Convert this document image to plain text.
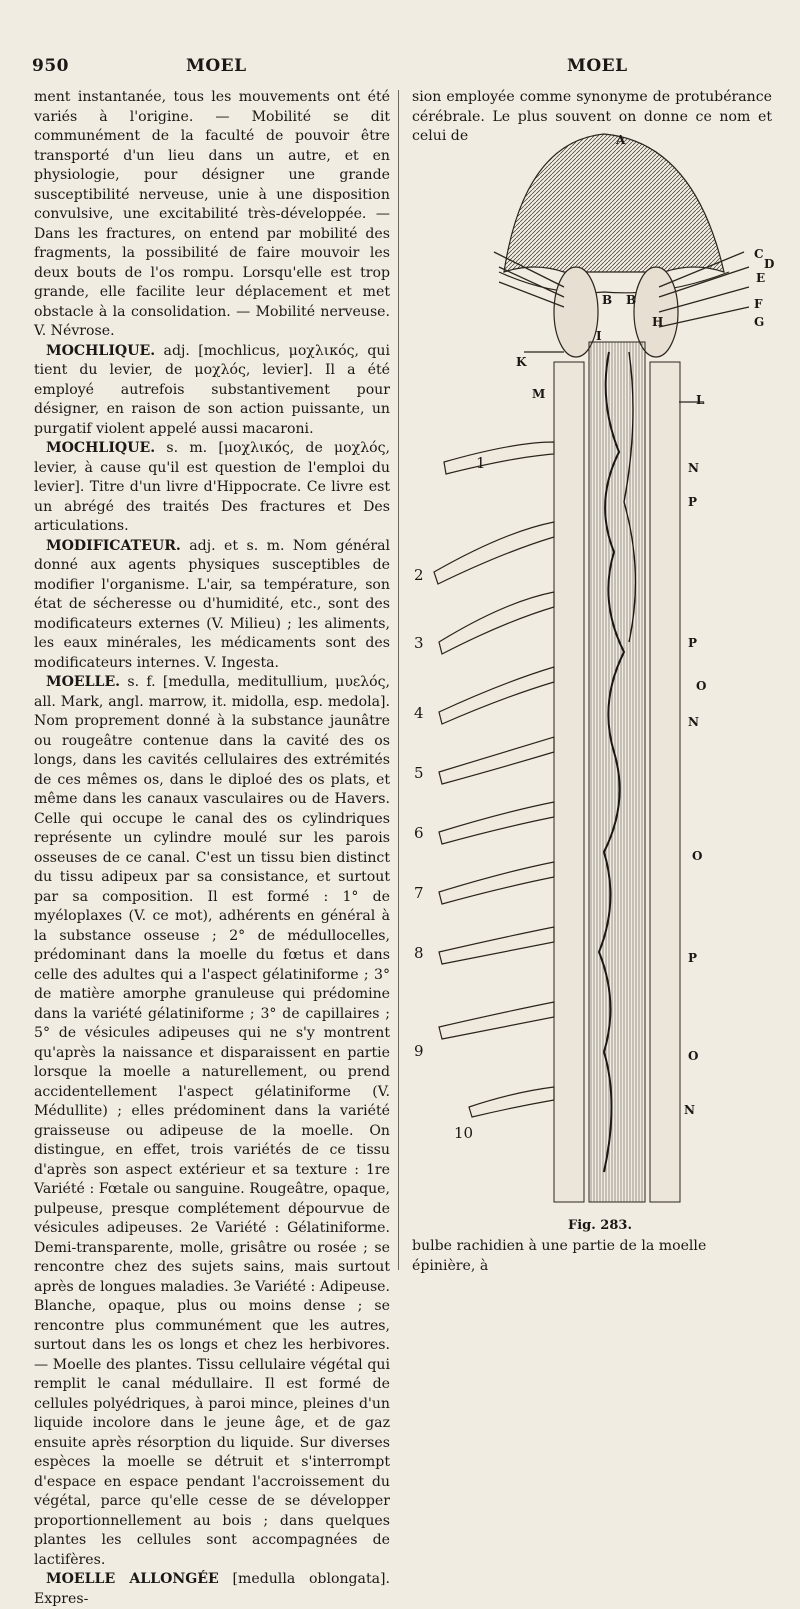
950	MOEL	MOEL

ment instantanée, tous les mouvements ont été variés à l'origine. — Mobilité se dit communément de la faculté de pouvoir être transporté d'un lieu dans un autre, et en physiologie, pour désigner une grande susceptibilité nerveuse, unie à une disposition convulsive, une excitabilité très-développée. — Dans les fractures, on entend par mobilité des fragments, la possibilité de faire mouvoir les deux bouts de l'os rompu. Lorsqu'elle est trop grande, elle facilite leur déplacement et met obstacle à la consolidation. — Mobilité nerveuse. V. Névrose.

MOCHLIQUE. adj. [mochlicus, μοχλικός, qui tient du levier, de μοχλός, levier]. Il a été employé autrefois substantivement pour désigner, en raison de son action puissante, un purgatif violent appelé aussi macaroni.

MOCHLIQUE. s. m. [μοχλικός, de μοχλός, levier, à cause qu'il est question de l'emploi du levier]. Titre d'un livre d'Hippocrate. Ce livre est un abrégé des traités Des fractures et Des articulations.

MODIFICATEUR. adj. et s. m. Nom général donné aux agents physiques susceptibles de modifier l'organisme. L'air, sa température, son état de sécheresse ou d'humidité, etc., sont des modificateurs externes (V. Milieu) ; les aliments, les eaux minérales, les médicaments sont des modificateurs internes. V. Ingesta.

MOELLE. s. f. [medulla, meditullium, μυελός, all. Mark, angl. marrow, it. midolla, esp. medola]. Nom proprement donné à la substance jaunâtre ou rougeâtre contenue dans la cavité des os longs, dans les cavités cellulaires des extrémités de ces mêmes os, dans le diploé des os plats, et même dans les canaux vasculaires ou de Havers. Celle qui occupe le canal des os cylindriques représente un cylindre moulé sur les parois osseuses de ce canal. C'est un tissu bien distinct du tissu adipeux par sa consistance, et surtout par sa composition. Il est formé : 1° de myéloplaxes (V. ce mot), adhérents en général à la substance osseuse ; 2° de médullocelles, prédominant dans la moelle du fœtus et dans celle des adultes qui a l'aspect gélatiniforme ; 3° de matière amorphe granuleuse qui prédomine dans la variété gélatiniforme ; 3° de capillaires ; 5° de vésicules adipeuses qui ne s'y montrent qu'après la naissance et disparaissent en partie lorsque la moelle a naturellement, ou prend accidentellement l'aspect gélatiniforme (V. Médullite) ; elles prédominent dans la variété graisseuse ou adipeuse de la moelle. On distingue, en effet, trois variétés de ce tissu d'après son aspect extérieur et sa texture : 1re Variété : Fœtale ou sanguine. Rougeâtre, opaque, pulpeuse, presque complétement dépourvue de vésicules adipeuses. 2e Variété : Gélatiniforme. Demi-transparente, molle, grisâtre ou rosée ; se rencontre chez des sujets sains, mais surtout après de longues maladies. 3e Variété : Adipeuse. Blanche, opaque, plus ou moins dense ; se rencontre plus communément que les autres, surtout dans les os longs et chez les herbivores. — Moelle des plantes. Tissu cellulaire végétal qui remplit le canal médullaire. Il est formé de cellules polyédriques, à paroi mince, pleines d'un liquide incolore dans le jeune âge, et de gaz ensuite après résorption du liquide. Sur diverses espèces la moelle se détruit et s'interrompt d'espace en espace pendant l'accroissement du végétal, parce qu'elle cesse de se développer proportionnellement au bois ; dans quelques plantes les cellules sont accompagnées de lactifères.

MOELLE ALLONGÉE [medulla oblongata]. Expres-

sion employée comme synonyme de protubérance cérébrale. Le plus souvent on donne ce nom et celui de	A
B B
C
D
E
F
G
H
I
K
M	L
N
P
P
O
N
O
P
O
N
1
2
3
4
5
6
7
8
9
10
Fig. 283.
bulbe rachidien à une partie de la moelle épinière, à
